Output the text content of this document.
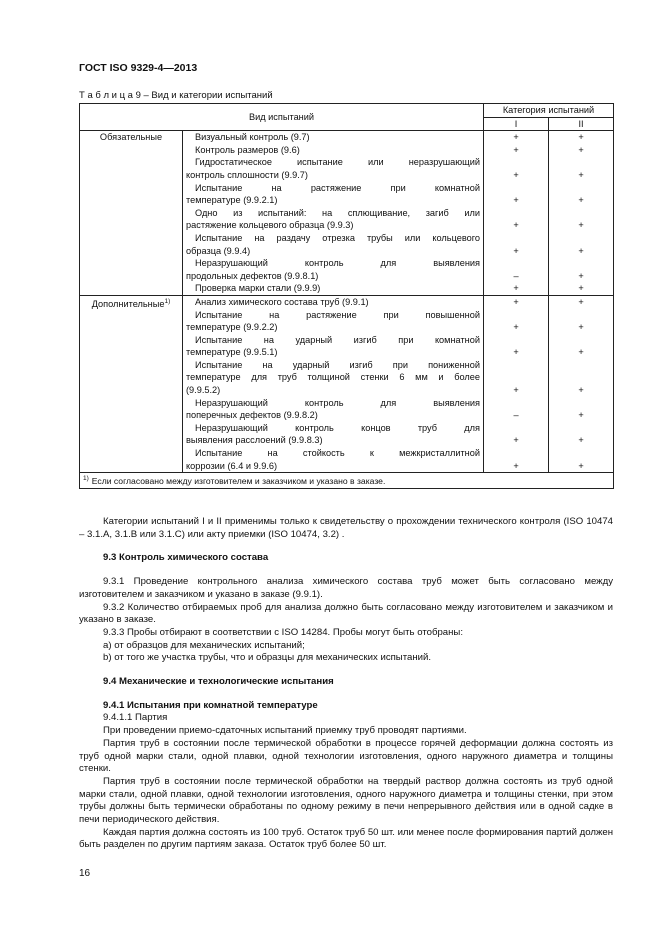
ГОСТ ISO 9329-4—2013
Т а б л и ц а 9 – Вид и категории испытаний
Вид испытаний		Категория испытаний	
		I	II
Обязательные	Визуальный контроль (9.7)	+	+

	Контроль размеров (9.6)	+	+

	Гидростатическое испытание или неразрушающий
контроль сплошности (9.9.7)	+	+

	Испытание на растяжение при комнатной
температуре (9.9.2.1)	+	+

	Одно из испытаний: на сплющивание, загиб или
растяжение кольцевого образца (9.9.3)	+	+

	Испытание на раздачу отрезка трубы или кольцевого
образца (9.9.4)	+	+

	Неразрушающий контроль для выявления
продольных дефектов (9.9.8.1)	–	+

	Проверка марки стали (9.9.9)	+	+
Дополнительные$^{1)}$	Анализ химического состава труб (9.9.1)	+	+

	Испытание на растяжение при повышенной
температуре (9.9.2.2)	+	+

	Испытание на ударный изгиб при комнатной
температуре (9.9.5.1)	+	+

	Испытание на ударный изгиб при пониженной
температуре для труб толщиной стенки 6 мм и более
(9.9.5.2)	+	+

	Неразрушающий контроль для выявления
поперечных дефектов (9.9.8.2)	–	+

	Неразрушающий контроль концов труб для
выявления расслоений (9.9.8.3)	+	+

	Испытание на стойкость к межкристаллитной
коррозии (6.4 и 9.9.6)	+	+
$^{1)}$ Если согласовано между изготовителем и заказчиком и указано в заказе.			

Категории испытаний I и II применимы только к свидетельству о прохождении технического контроля (ISO 10474 – 3.1.А, 3.1.B или 3.1.C) или акту приемки (ISO 10474, 3.2) .

9.3 Контроль химического состава

9.3.1 Проведение контрольного анализа химического состава труб может быть согласовано между изготовителем и заказчиком и указано в заказе (9.9.1).

9.3.2 Количество отбираемых проб для анализа должно быть согласовано между изготовителем и заказчиком и указано в заказе.

9.3.3 Пробы отбирают в соответствии с ISO 14284. Пробы могут быть отобраны:

a) от образцов для механических испытаний;

b) от того же участка трубы, что и образцы для механических испытаний.

9.4 Механические и технологические испытания

9.4.1 Испытания при комнатной температуре

9.4.1.1 Партия

При проведении приемо-сдаточных испытаний приемку труб проводят партиями.

Партия труб в состоянии после термической обработки в процессе горячей деформации должна состоять из труб одной марки стали, одной плавки, одной технологии изготовления, одного наружного диаметра и толщины стенки.

Партия труб в состоянии после термической обработки на твердый раствор должна состоять из труб одной марки стали, одной плавки, одной технологии изготовления, одного наружного диаметра и толщины стенки, при этом трубы должны быть термически обработаны по одному режиму в печи непрерывного действия или в одной садке в печи периодического действия.

Каждая партия должна состоять из 100 труб. Остаток труб 50 шт. или менее после формирования партий должен быть разделен по другим партиям заказа. Остаток труб более 50 шт.

16
